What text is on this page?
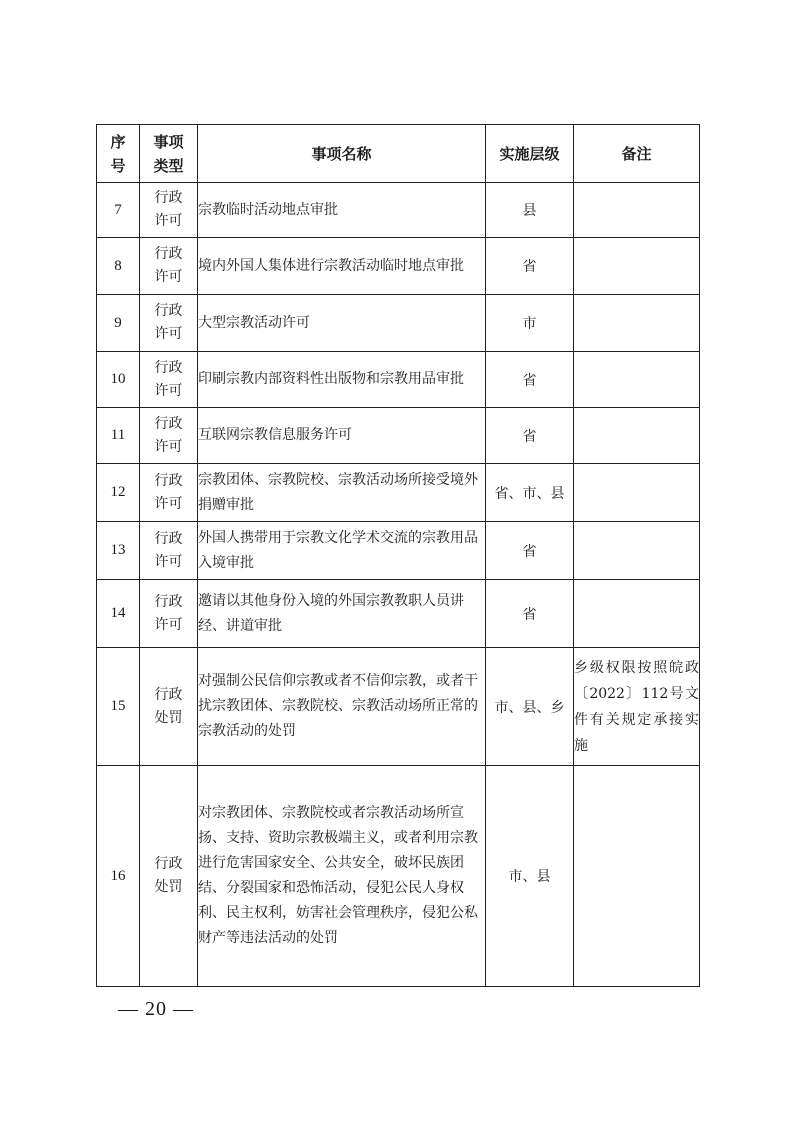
序号	事项类型	事项名称	实施层级	备注
7	行政许可	宗教临时活动地点审批	县	
8	行政许可	境内外国人集体进行宗教活动临时地点审批	省	
9	行政许可	大型宗教活动许可	市	
10	行政许可	印刷宗教内部资料性出版物和宗教用品审批	省	
11	行政许可	互联网宗教信息服务许可	省	
12	行政许可	宗教团体、宗教院校、宗教活动场所接受境外捐赠审批	省、市、县	
13	行政许可	外国人携带用于宗教文化学术交流的宗教用品入境审批	省	
14	行政许可	邀请以其他身份入境的外国宗教教职人员讲经、讲道审批	省	
15	行政处罚	对强制公民信仰宗教或者不信仰宗教，或者干扰宗教团体、宗教院校、宗教活动场所正常的宗教活动的处罚	市、县、乡	乡级权限按照皖政〔2022〕112号文件有关规定承接实施

16	行政处罚	对宗教团体、宗教院校或者宗教活动场所宣扬、支持、资助宗教极端主义，或者利用宗教进行危害国家安全、公共安全，破坏民族团结、分裂国家和恐怖活动，侵犯公民人身权利、民主权利，妨害社会管理秩序，侵犯公私财产等违法活动的处罚	市、县	
— 20 —
